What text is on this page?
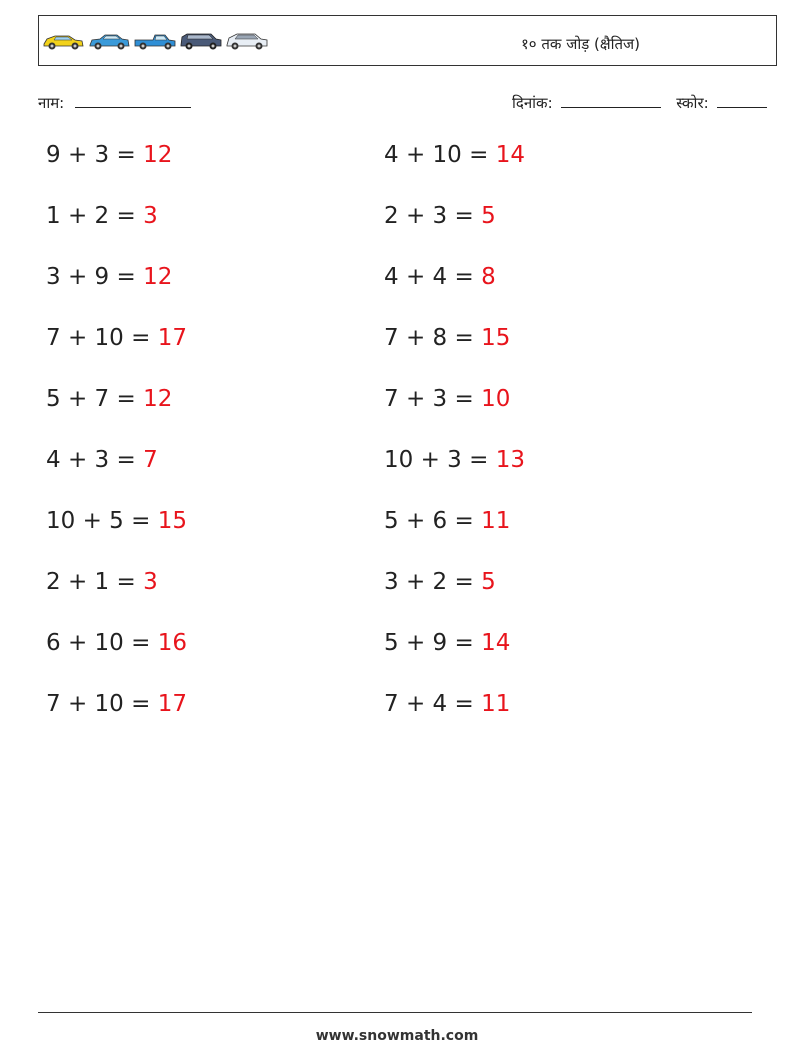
१० तक जोड़ (क्षैतिज)
नाम:	दिनांक:	स्कोर:
9 + 3 = 12	4 + 10 = 14
1 + 2 = 3	2 + 3 = 5
3 + 9 = 12	4 + 4 = 8
7 + 10 = 17	7 + 8 = 15
5 + 7 = 12	7 + 3 = 10
4 + 3 = 7	10 + 3 = 13
10 + 5 = 15	5 + 6 = 11
2 + 1 = 3	3 + 2 = 5
6 + 10 = 16	5 + 9 = 14
7 + 10 = 17	7 + 4 = 11
www.snowmath.com
